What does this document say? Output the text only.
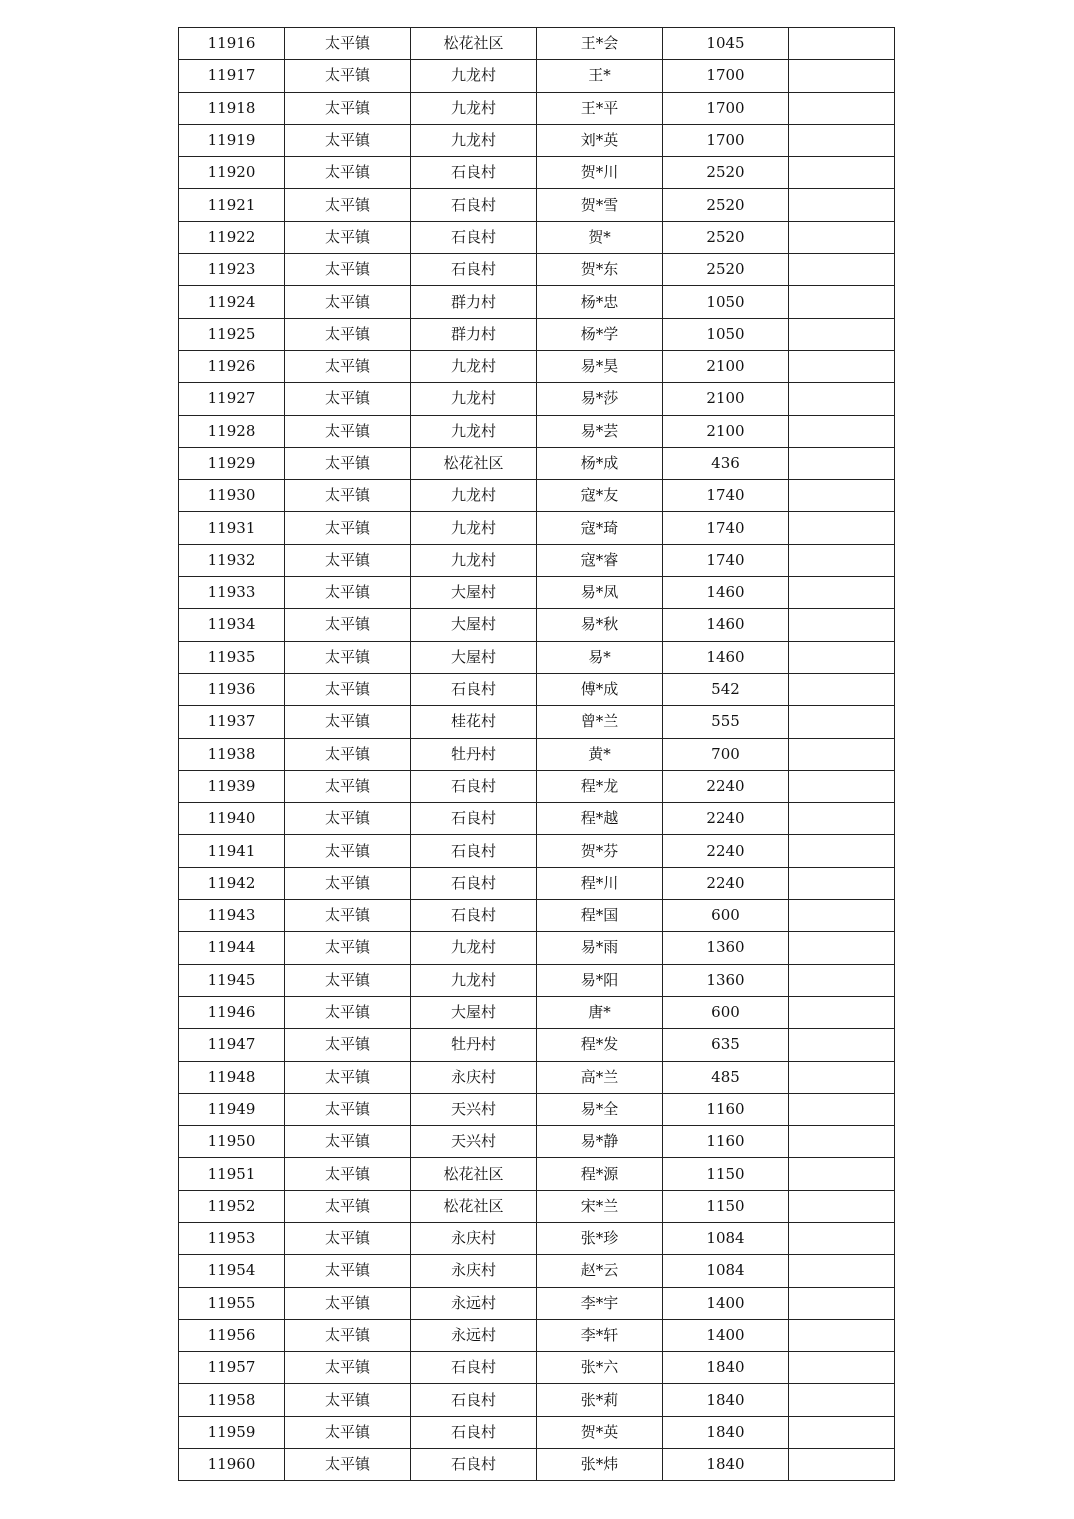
11916	太平镇	松花社区	王*会	1045	
11917	太平镇	九龙村	王*	1700	
11918	太平镇	九龙村	王*平	1700	
11919	太平镇	九龙村	刘*英	1700	
11920	太平镇	石良村	贺*川	2520	
11921	太平镇	石良村	贺*雪	2520	
11922	太平镇	石良村	贺*	2520	
11923	太平镇	石良村	贺*东	2520	
11924	太平镇	群力村	杨*忠	1050	
11925	太平镇	群力村	杨*学	1050	
11926	太平镇	九龙村	易*昊	2100	
11927	太平镇	九龙村	易*莎	2100	
11928	太平镇	九龙村	易*芸	2100	
11929	太平镇	松花社区	杨*成	436	
11930	太平镇	九龙村	寇*友	1740	
11931	太平镇	九龙村	寇*琦	1740	
11932	太平镇	九龙村	寇*睿	1740	
11933	太平镇	大屋村	易*凤	1460	
11934	太平镇	大屋村	易*秋	1460	
11935	太平镇	大屋村	易*	1460	
11936	太平镇	石良村	傅*成	542	
11937	太平镇	桂花村	曾*兰	555	
11938	太平镇	牡丹村	黄*	700	
11939	太平镇	石良村	程*龙	2240	
11940	太平镇	石良村	程*越	2240	
11941	太平镇	石良村	贺*芬	2240	
11942	太平镇	石良村	程*川	2240	
11943	太平镇	石良村	程*国	600	
11944	太平镇	九龙村	易*雨	1360	
11945	太平镇	九龙村	易*阳	1360	
11946	太平镇	大屋村	唐*	600	
11947	太平镇	牡丹村	程*发	635	
11948	太平镇	永庆村	高*兰	485	
11949	太平镇	天兴村	易*全	1160	
11950	太平镇	天兴村	易*静	1160	
11951	太平镇	松花社区	程*源	1150	
11952	太平镇	松花社区	宋*兰	1150	
11953	太平镇	永庆村	张*珍	1084	
11954	太平镇	永庆村	赵*云	1084	
11955	太平镇	永远村	李*宇	1400	
11956	太平镇	永远村	李*轩	1400	
11957	太平镇	石良村	张*六	1840	
11958	太平镇	石良村	张*莉	1840	
11959	太平镇	石良村	贺*英	1840	
11960	太平镇	石良村	张*炜	1840	
